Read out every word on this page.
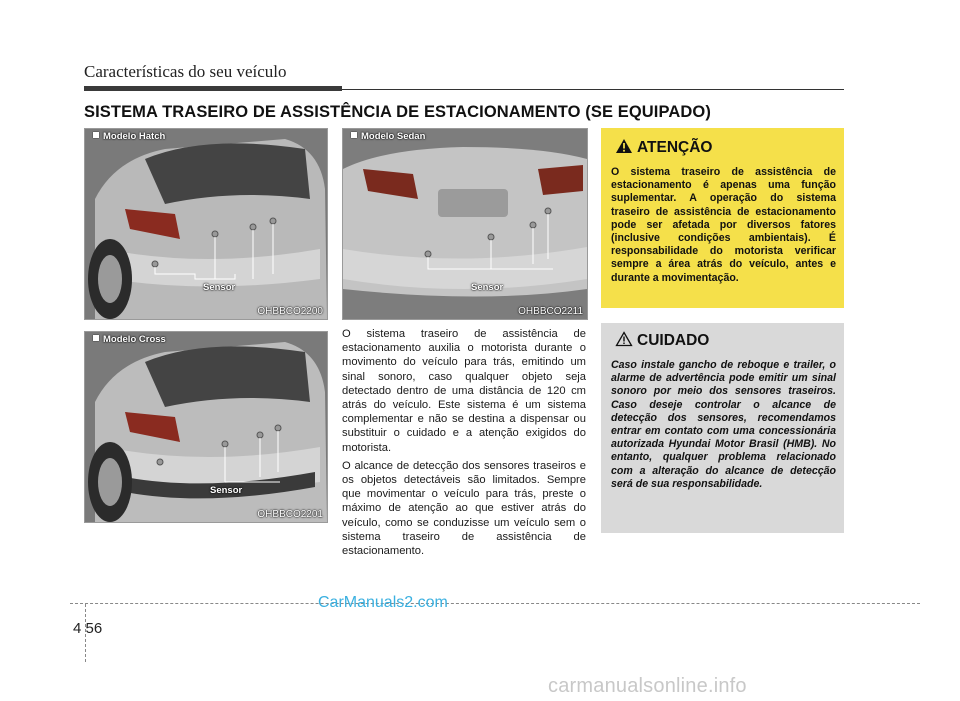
Características do seu veículo
SISTEMA TRASEIRO DE ASSISTÊNCIA DE ESTACIONAMENTO (SE EQUIPADO)
Modelo Hatch
Sensor
OHBBCO2200
Modelo Sedan
Sensor
OHBBCO2211
Modelo Cross
Sensor
OHBBCO2201

O sistema traseiro de assistência de estacionamento auxilia o motorista durante o movimento do veículo para trás, emitindo um sinal sonoro, caso qualquer objeto seja detectado dentro de uma distância de 120 cm atrás do veículo. Este sistema é um sistema complementar e não se destina a dispensar ou substituir o cuidado e a atenção exigidos do motorista.

O alcance de detecção dos sensores traseiros e os objetos detectáveis são limitados. Sempre que movimentar o veículo para trás, preste o máximo de atenção ao que estiver atrás do veículo, como se conduzisse um veículo sem o sistema traseiro de assistência de estacionamento.

ATENÇÃO
O sistema traseiro de assistência de estacionamento é apenas uma função suplementar. A operação do sistema traseiro de assistência de estacionamento pode ser afetada por diversos fatores (inclusive condições ambientais). É responsabilidade do motorista verificar sempre a área atrás do veículo, antes e durante a movimentação.
CUIDADO
Caso instale gancho de reboque e trailer, o alarme de advertência pode emitir um sinal sonoro por meio dos sensores traseiros. Caso deseje controlar o alcance de detecção dos sensores, recomendamos entrar em contato com uma concessionária autorizada Hyundai Motor Brasil (HMB). No entanto, qualquer problema relacionado com a alteração do alcance de detecção será de sua responsabilidade.
4 56
CarManuals2.com
carmanualsonline.info
